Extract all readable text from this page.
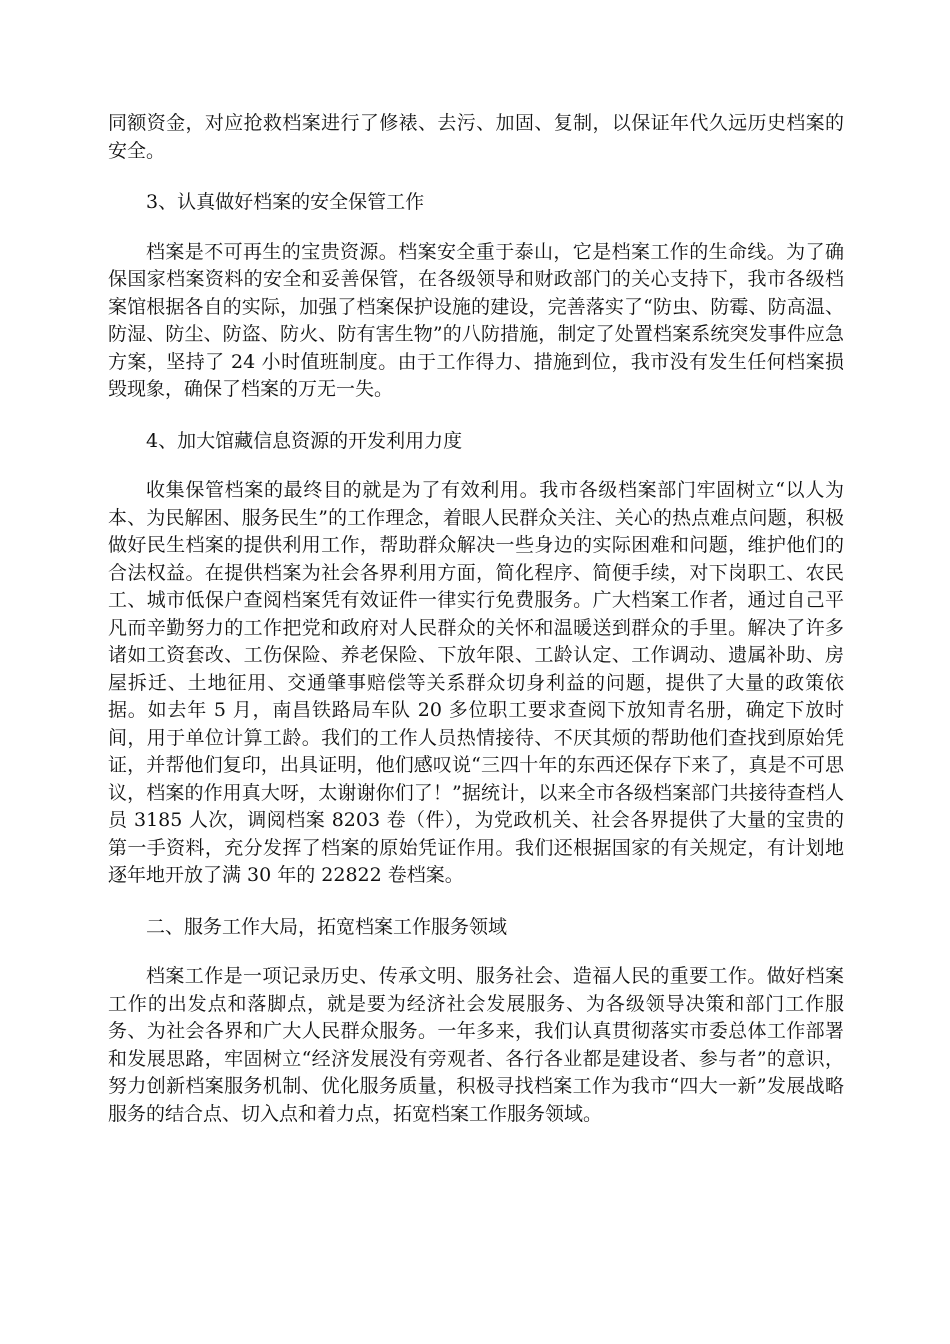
同额资金，对应抢救档案进行了修裱、去污、加固、复制，以保证年代久远历史档案的安全。

3、认真做好档案的安全保管工作

档案是不可再生的宝贵资源。档案安全重于泰山，它是档案工作的生命线。为了确保国家档案资料的安全和妥善保管，在各级领导和财政部门的关心支持下，我市各级档案馆根据各自的实际，加强了档案保护设施的建设，完善落实了“防虫、防霉、防高温、防湿、防尘、防盗、防火、防有害生物”的八防措施，制定了处置档案系统突发事件应急方案，坚持了 24 小时值班制度。由于工作得力、措施到位，我市没有发生任何档案损毁现象，确保了档案的万无一失。

4、加大馆藏信息资源的开发利用力度

收集保管档案的最终目的就是为了有效利用。我市各级档案部门牢固树立“以人为本、为民解困、服务民生”的工作理念，着眼人民群众关注、关心的热点难点问题，积极做好民生档案的提供利用工作，帮助群众解决一些身边的实际困难和问题，维护他们的合法权益。在提供档案为社会各界利用方面，简化程序、简便手续，对下岗职工、农民工、城市低保户查阅档案凭有效证件一律实行免费服务。广大档案工作者，通过自己平凡而辛勤努力的工作把党和政府对人民群众的关怀和温暖送到群众的手里。解决了许多诸如工资套改、工伤保险、养老保险、下放年限、工龄认定、工作调动、遗属补助、房屋拆迁、土地征用、交通肇事赔偿等关系群众切身利益的问题，提供了大量的政策依据。如去年 5 月，南昌铁路局车队 20 多位职工要求查阅下放知青名册，确定下放时间，用于单位计算工龄。我们的工作人员热情接待、不厌其烦的帮助他们查找到原始凭证，并帮他们复印，出具证明，他们感叹说“三四十年的东西还保存下来了，真是不可思议，档案的作用真大呀，太谢谢你们了！”据统计，以来全市各级档案部门共接待查档人员 3185 人次，调阅档案 8203 卷（件），为党政机关、社会各界提供了大量的宝贵的第一手资料，充分发挥了档案的原始凭证作用。我们还根据国家的有关规定，有计划地逐年地开放了满 30 年的 22822 卷档案。

二、服务工作大局，拓宽档案工作服务领域

档案工作是一项记录历史、传承文明、服务社会、造福人民的重要工作。做好档案工作的出发点和落脚点，就是要为经济社会发展服务、为各级领导决策和部门工作服务、为社会各界和广大人民群众服务。一年多来，我们认真贯彻落实市委总体工作部署和发展思路，牢固树立“经济发展没有旁观者、各行各业都是建设者、参与者”的意识，努力创新档案服务机制、优化服务质量，积极寻找档案工作为我市“四大一新”发展战略服务的结合点、切入点和着力点，拓宽档案工作服务领域。
